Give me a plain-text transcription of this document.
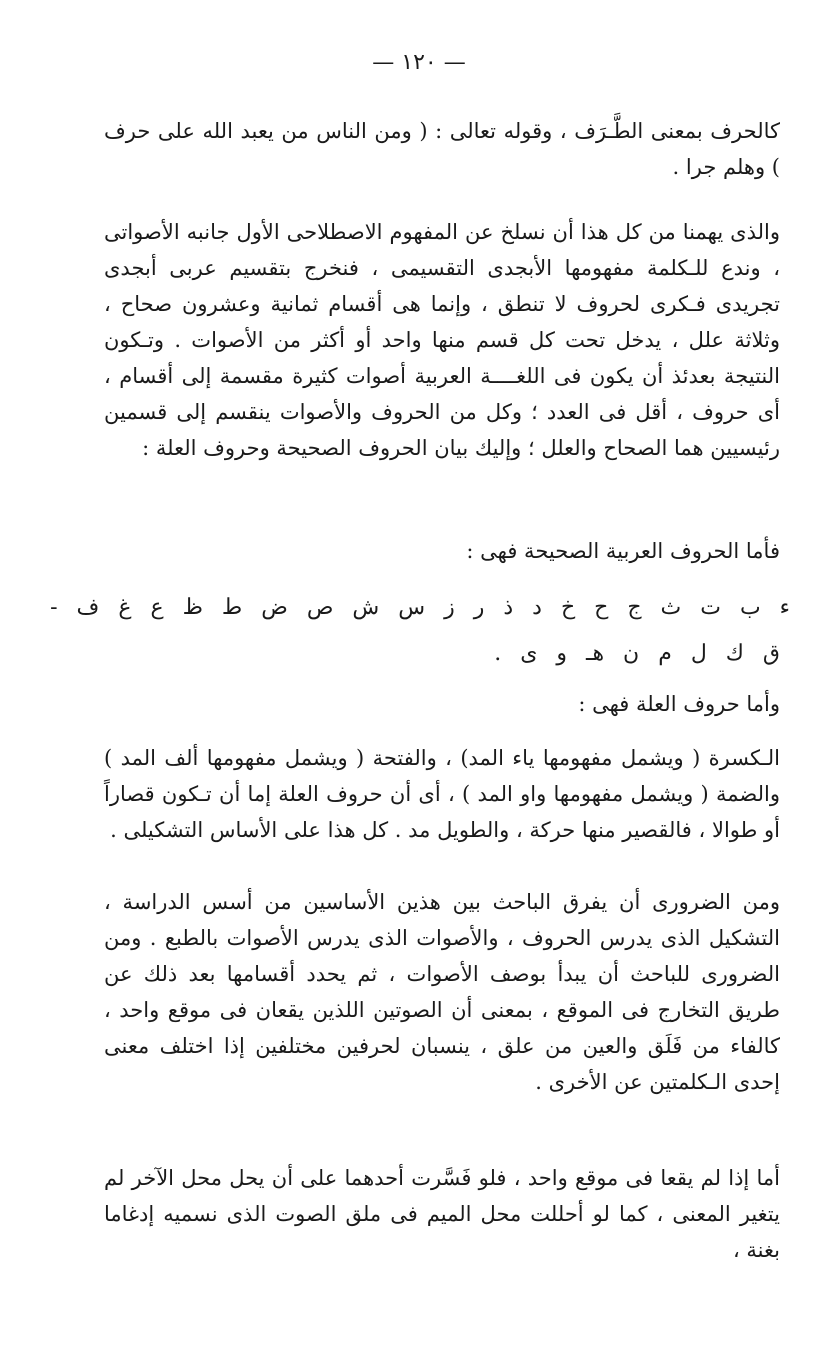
— ١٢٠ —

كالحرف بمعنى الطَّـرَف ، وقوله تعالى : ( ومن الناس من يعبد الله على حرف ) وهلم جرا .

والذى يهمنا من كل هذا أن نسلخ عن المفهوم الاصطلاحى الأول جانبه الأصواتى ، وندع للـكلمة مفهومها الأبجدى التقسيمى ، فنخرج بتقسيم عربى أبجدى تجريدى فـكرى لحروف لا تنطق ، وإنما هى أقسام ثمانية وعشرون صحاح ، وثلاثة علل ، يدخل تحت كل قسم منها واحد أو أكثر من الأصوات . وتـكون النتيجة بعدئذ أن يكون فى اللغــــة العربية أصوات كثيرة مقسمة إلى أقسام ، أى حروف ، أقل فى العدد ؛ وكل من الحروف والأصوات ينقسم إلى قسمين رئيسيين هما الصحاح والعلل ؛ وإليك بيان الحروف الصحيحة وحروف العلة :

فأما الحروف العربية الصحيحة فهى :

ء ب ت ث ج ح خ د ذ ر ز س ش ص ض ط ظ ع غ ف -
ق ك ل م ن هـ و ى .

وأما حروف العلة فهى :

الـكسرة ( ويشمل مفهومها ياء المد) ، والفتحة ( ويشمل مفهومها ألف المد ) والضمة ( ويشمل مفهومها واو المد ) ، أى أن حروف العلة إما أن تـكون قصاراً أو طوالا ، فالقصير منها حركة ، والطويل مد . كل هذا على الأساس التشكيلى .

ومن الضرورى أن يفرق الباحث بين هذين الأساسين من أسس الدراسة ، التشكيل الذى يدرس الحروف ، والأصوات الذى يدرس الأصوات بالطبع . ومن الضرورى للباحث أن يبدأ بوصف الأصوات ، ثم يحدد أقسامها بعد ذلك عن طريق التخارج فى الموقع ، بمعنى أن الصوتين اللذين يقعان فى موقع واحد ، كالفاء من فَلَق والعين من علق ، ينسبان لحرفين مختلفين إذا اختلف معنى إحدى الـكلمتين عن الأخرى .

أما إذا لم يقعا فى موقع واحد ، فلو فَسَّرت أحدهما على أن يحل محل الآخر لم يتغير المعنى ، كما لو أحللت محل الميم فى ملق الصوت الذى نسميه إدغاما بغنة ،
